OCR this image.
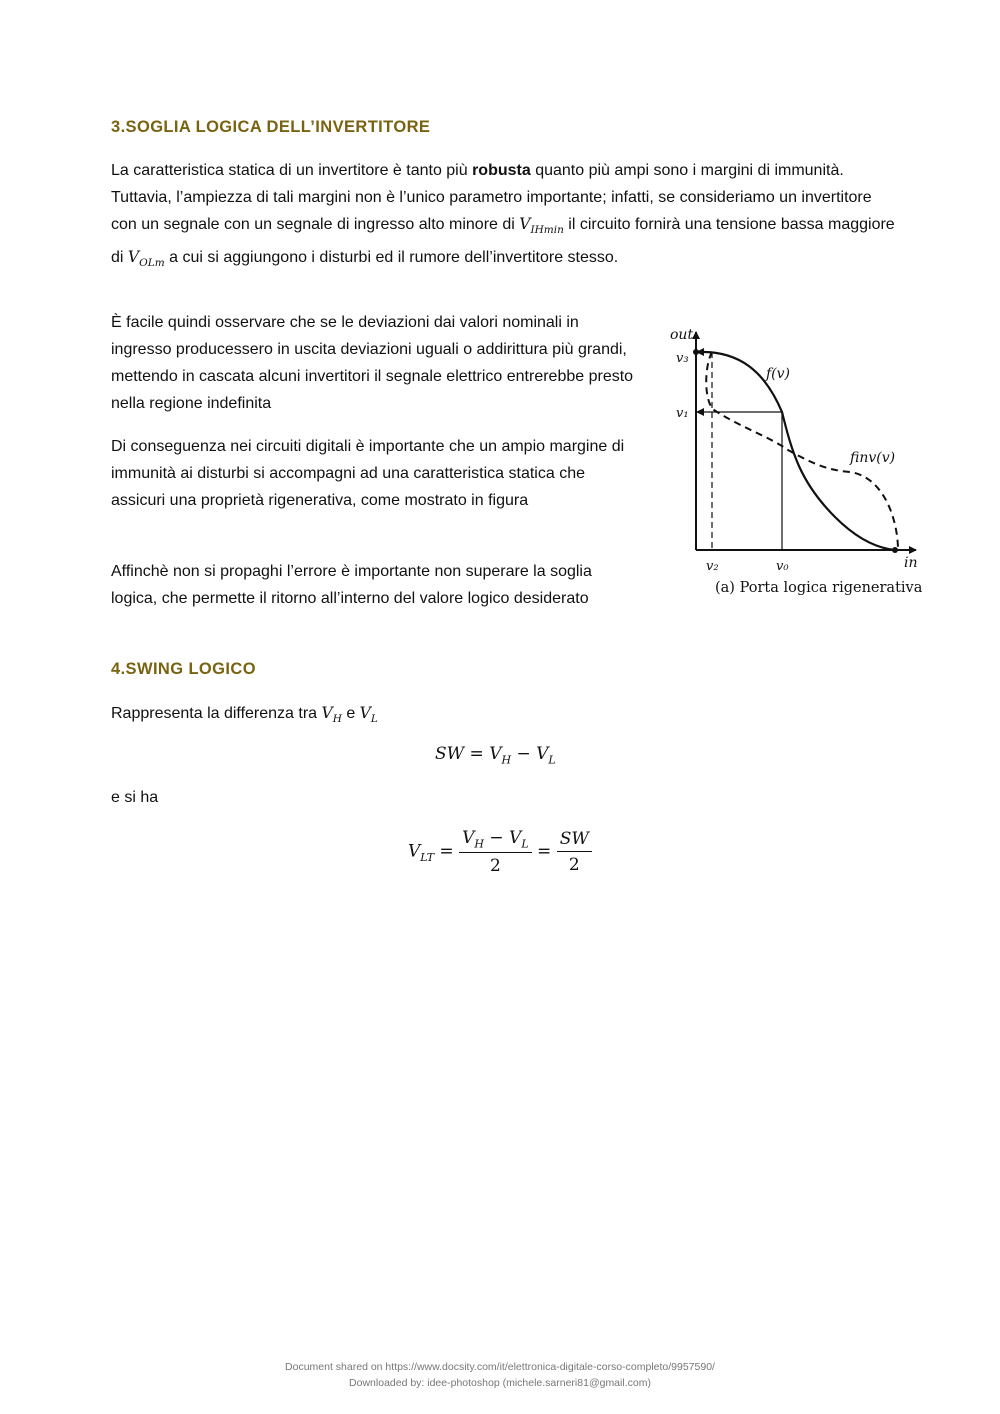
3.SOGLIA LOGICA DELL’INVERTITORE

La caratteristica statica di un invertitore è tanto più robusta quanto più ampi sono i margini di immunità. Tuttavia, l’ampiezza di tali margini non è l’unico parametro importante; infatti, se consideriamo un invertitore con un segnale con un segnale di ingresso alto minore di $V_{IHmin}$ il circuito fornirà una tensione bassa maggiore di $V_{OLm}$ a cui si aggiungono i disturbi ed il rumore dell’invertitore stesso.

È facile quindi osservare che se le deviazioni dai valori nominali in ingresso producessero in uscita deviazioni uguali o addirittura più grandi, mettendo in cascata alcuni invertitori il segnale elettrico entrerebbe presto nella regione indefinita

Di conseguenza nei circuiti digitali è importante che un ampio margine di immunità ai disturbi si accompagni ad una caratteristica statica che assicuri una proprietà rigenerativa, come mostrato in figura

Affinchè non si propaghi l’errore è importante non superare la soglia logica, che permette il ritorno all’interno del valore logico desiderato

out
in
v₃
v₁
v₂	v₀
f(v)
finv(v)
(a) Porta logica rigenerativa
4.SWING LOGICO

Rappresenta la differenza tra $V_H$ e $V_L$

SW = $V_H - V_L$

e si ha

$V_{LT} = \frac{V_H - V_L}{2} = \frac{SW}{2}$
Document shared on https://www.docsity.com/it/elettronica-digitale-corso-completo/9957590/
Downloaded by: idee-photoshop (michele.sarneri81@gmail.com)
